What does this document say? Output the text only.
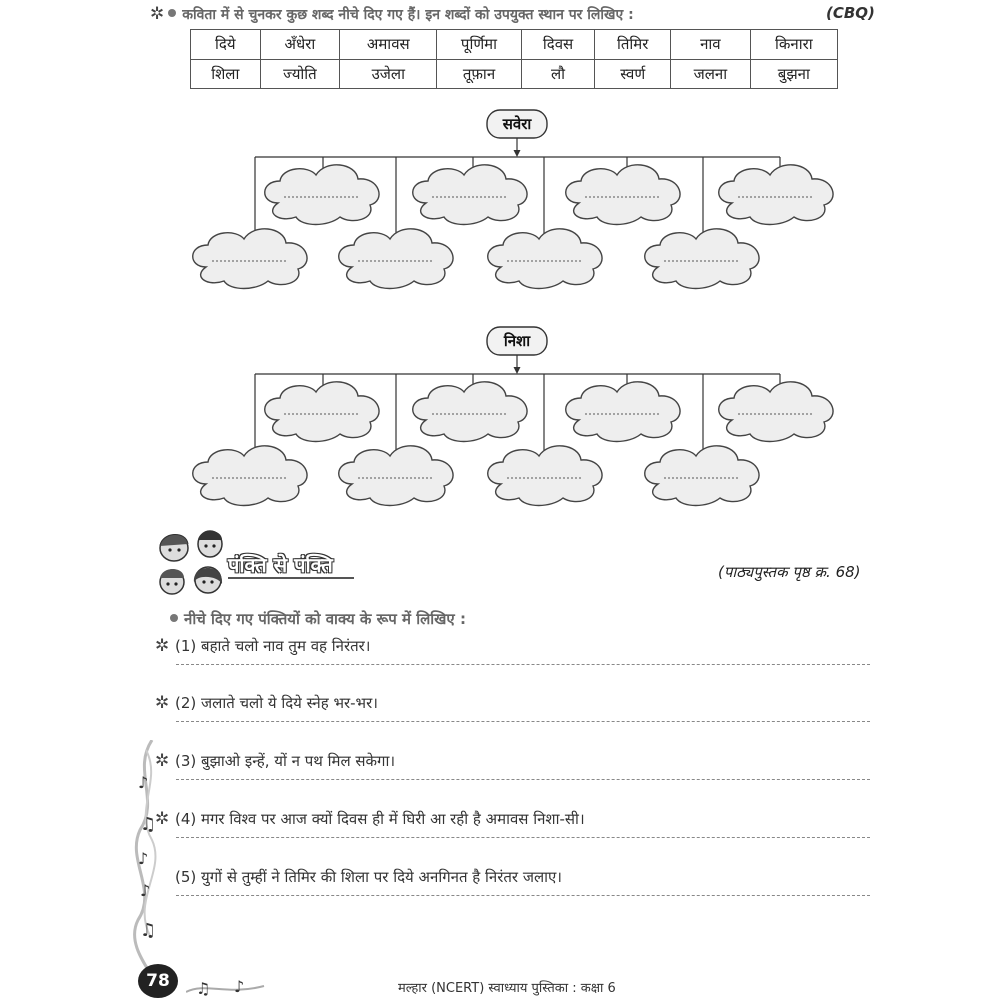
✲ कविता में से चुनकर कुछ शब्द नीचे दिए गए हैं। इन शब्दों को उपयुक्त स्थान पर लिखिए :	(CBQ)
दिये	अँधेरा	अमावस	पूर्णिमा	दिवस	तिमिर	नाव	किनारा
शिला	ज्योति	उजेला	तूफ़ान	लौ	स्वर्ण	जलना	बुझना
सवेरा
निशा
पंक्ति से पंक्ति	(पाठ्यपुस्तक पृष्ठ क्र. 68)
नीचे दिए गए पंक्तियों को वाक्य के रूप में लिखिए :
✲ (1) बहाते चलो नाव तुम वह निरंतर।
✲ (2) जलाते चलो ये दिये स्नेह भर-भर।
✲ (3) बुझाओ इन्हें, यों न पथ मिल सकेगा।
✲ (4) मगर विश्व पर आज क्यों दिवस ही में घिरी आ रही है अमावस निशा-सी।
(5) युगों से तुम्हीं ने तिमिर की शिला पर दिये अनगिनत है निरंतर जलाए।
♪
♫
♪
♪
♫
78	♫ ♪	मल्हार (NCERT) स्वाध्याय पुस्तिका : कक्षा 6
